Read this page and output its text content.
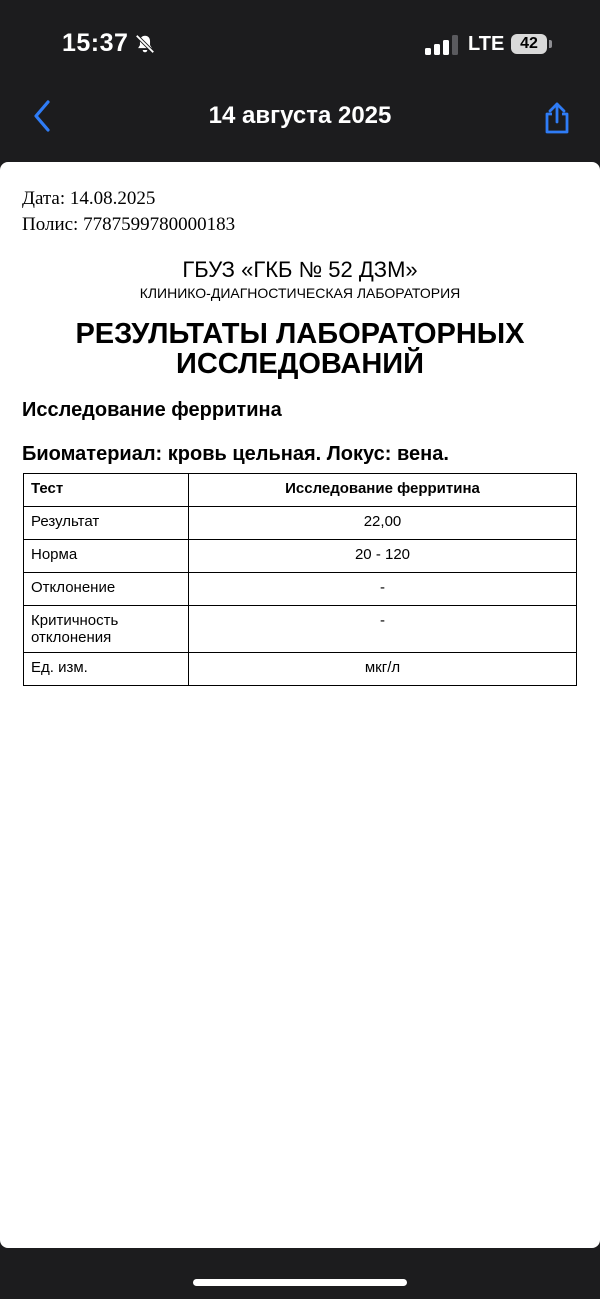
15:37	LTE 42
14 августа 2025
Дата: 14.08.2025
Полис: 7787599780000183
ГБУЗ «ГКБ № 52 ДЗМ»
КЛИНИКО-ДИАГНОСТИЧЕСКАЯ ЛАБОРАТОРИЯ
РЕЗУЛЬТАТЫ ЛАБОРАТОРНЫХ
ИССЛЕДОВАНИЙ
Исследование ферритина
Биоматериал: кровь цельная. Локус: вена.
Тест	Исследование ферритина
Результат	22,00
Норма	20 - 120
Отклонение	-
Критичность отклонения	-
Ед. изм.	мкг/л
